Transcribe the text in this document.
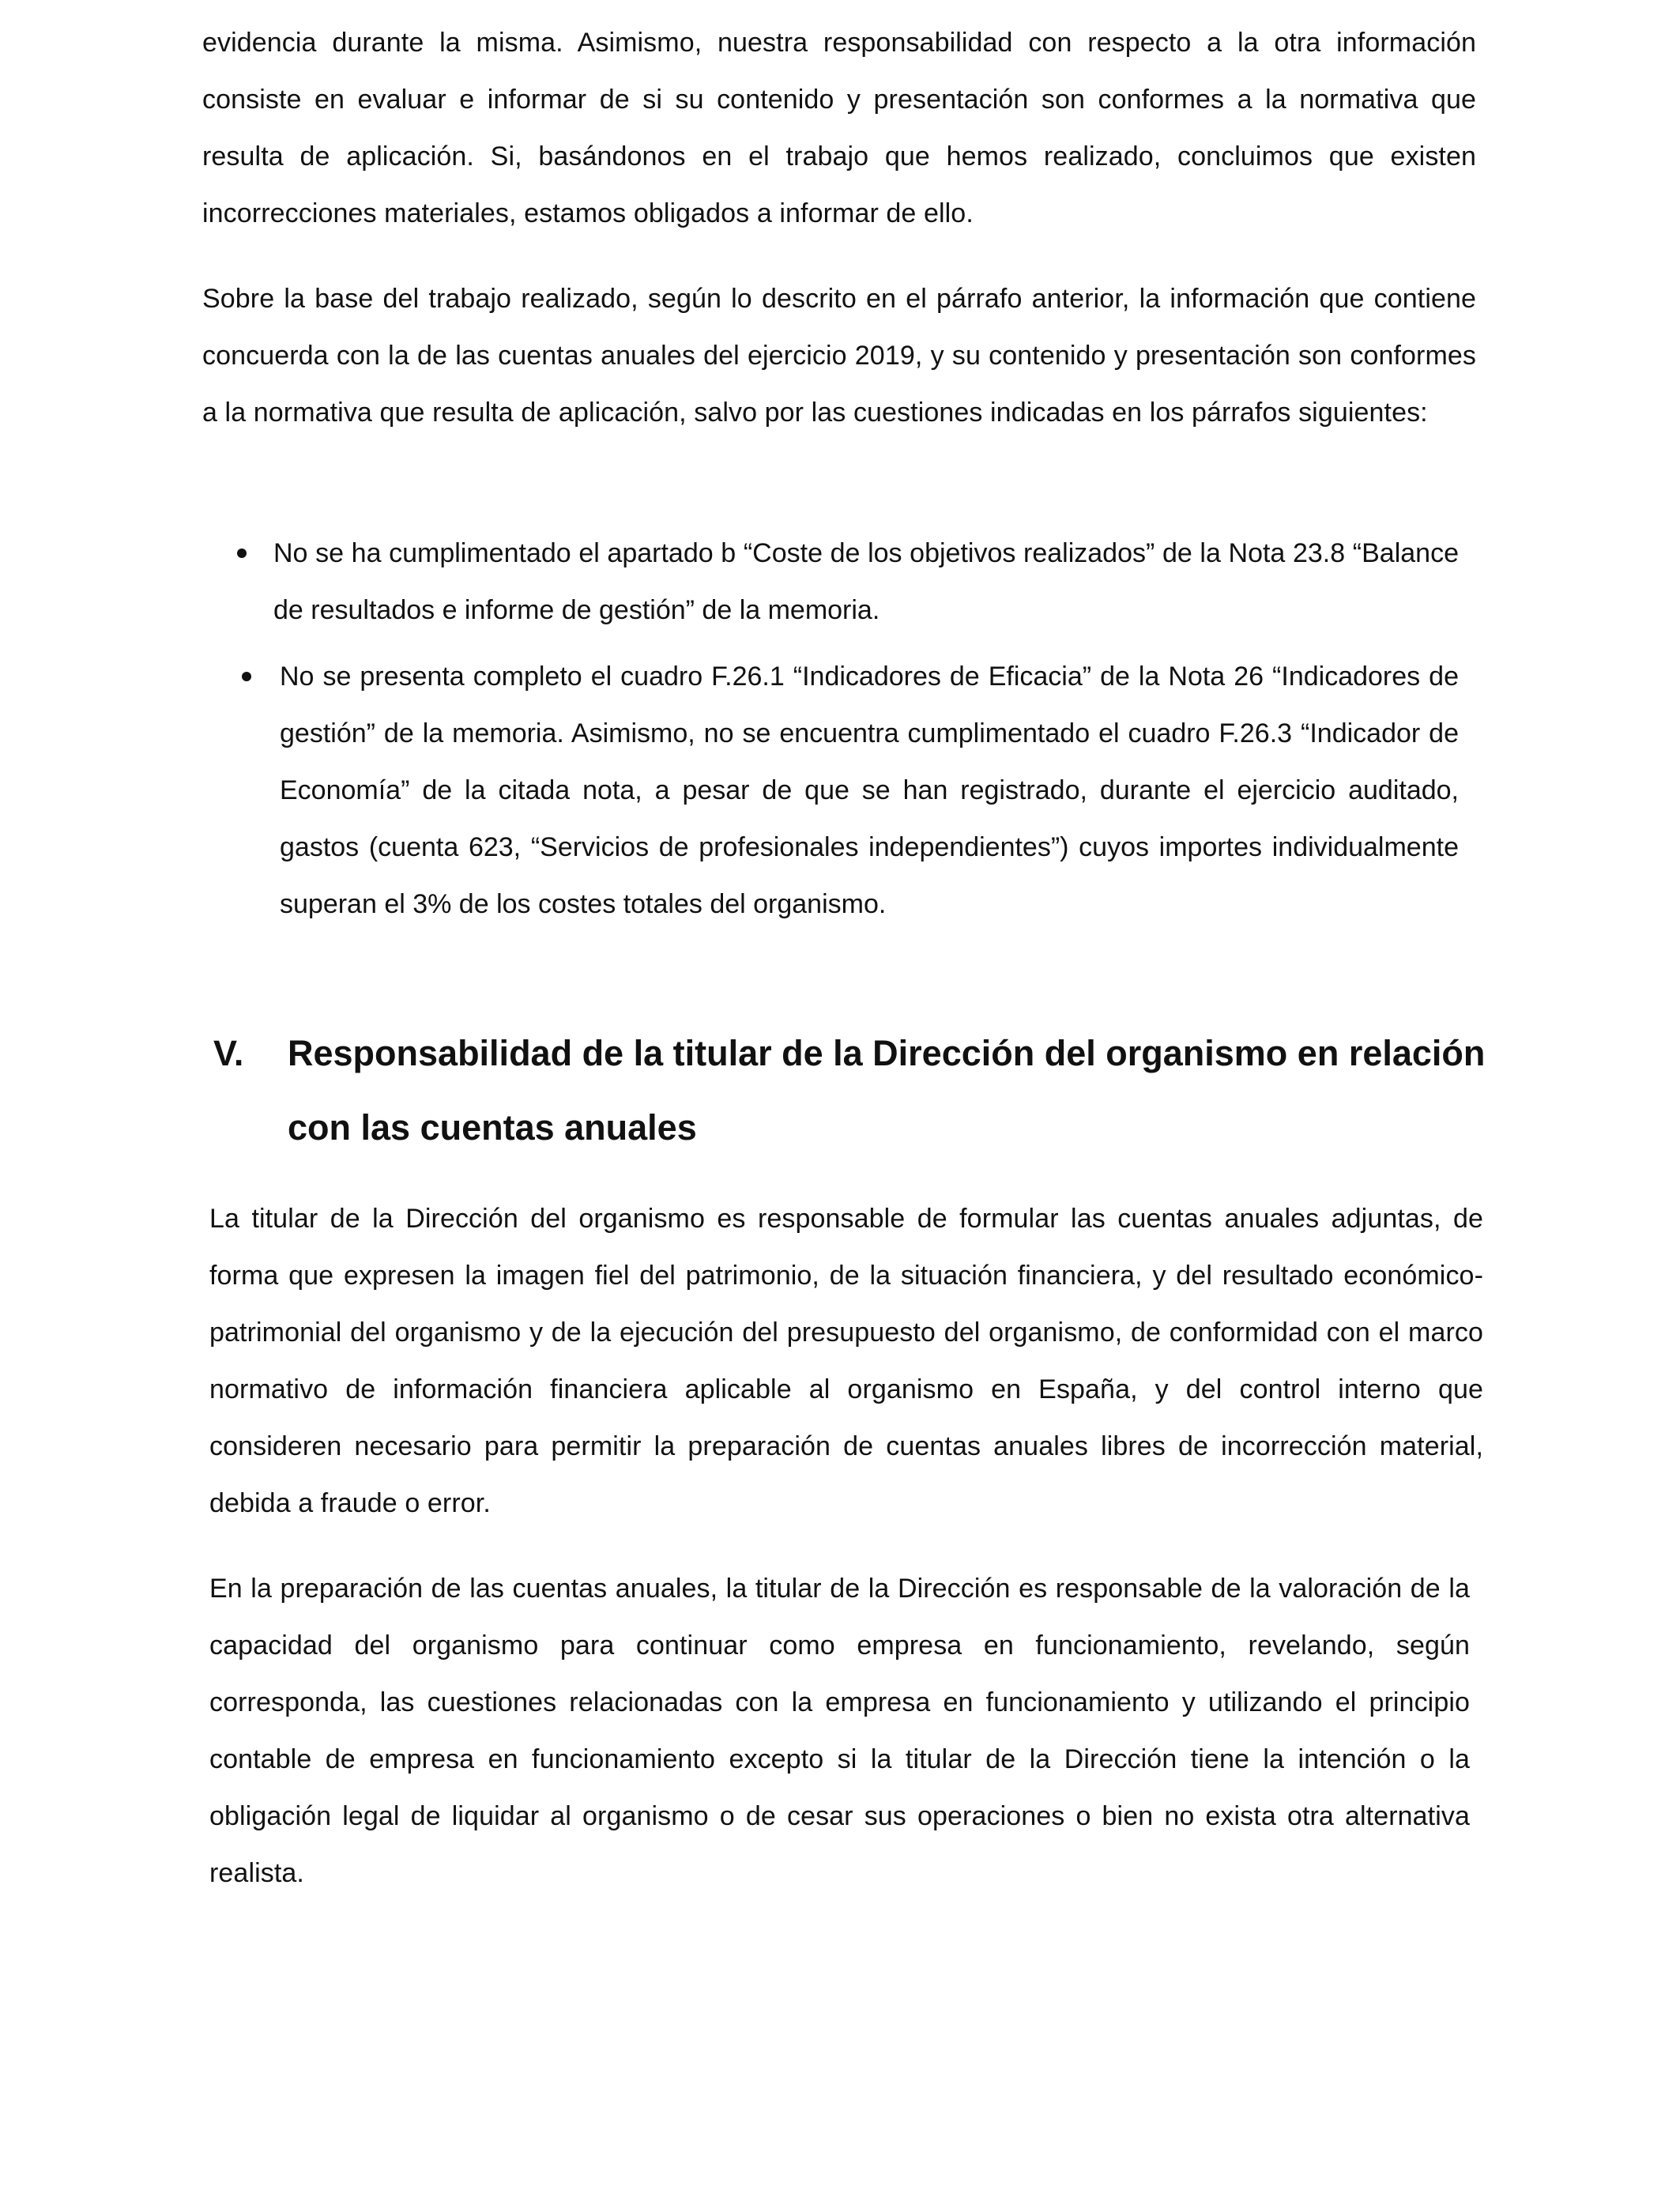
evidencia durante la misma. Asimismo, nuestra responsabilidad con respecto a la otra información consiste en evaluar e informar de si su contenido y presentación son conformes a la normativa que resulta de aplicación. Si, basándonos en el trabajo que hemos realizado, concluimos que existen incorrecciones materiales, estamos obligados a informar de ello.

Sobre la base del trabajo realizado, según lo descrito en el párrafo anterior, la información que contiene concuerda con la de las cuentas anuales del ejercicio 2019, y su contenido y presentación son conformes a la normativa que resulta de aplicación, salvo por las cuestiones indicadas en los párrafos siguientes:

No se ha cumplimentado el apartado b “Coste de los objetivos realizados” de la Nota 23.8 “Balance de resultados e informe de gestión” de la memoria.
No se presenta completo el cuadro F.26.1 “Indicadores de Eficacia” de la Nota 26 “Indicadores de gestión” de la memoria. Asimismo, no se encuentra cumplimentado el cuadro F.26.3 “Indicador de Economía” de la citada nota, a pesar de que se han registrado, durante el ejercicio auditado, gastos (cuenta 623, “Servicios de profesionales independientes”) cuyos importes individualmente superan el 3% de los costes totales del organismo.
V. Responsabilidad de la titular de la Dirección del organismo en relación con las cuentas anuales

La titular de la Dirección del organismo es responsable de formular las cuentas anuales adjuntas, de forma que expresen la imagen fiel del patrimonio, de la situación financiera, y del resultado económico-patrimonial del organismo y de la ejecución del presupuesto del organismo, de conformidad con el marco normativo de información financiera aplicable al organismo en España, y del control interno que consideren necesario para permitir la preparación de cuentas anuales libres de incorrección material, debida a fraude o error.

En la preparación de las cuentas anuales, la titular de la Dirección es responsable de la valoración de la capacidad del organismo para continuar como empresa en funcionamiento, revelando, según corresponda, las cuestiones relacionadas con la empresa en funcionamiento y utilizando el principio contable de empresa en funcionamiento excepto si la titular de la Dirección tiene la intención o la obligación legal de liquidar al organismo o de cesar sus operaciones o bien no exista otra alternativa realista.
